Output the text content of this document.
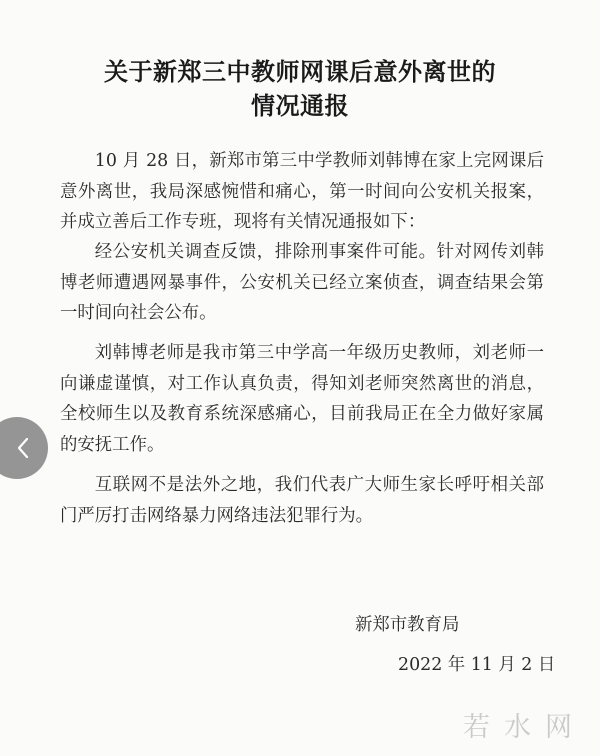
关于新郑三中教师网课后意外离世的
情况通报

10 月 28 日，新郑市第三中学教师刘韩博在家上完网课后意外离世，我局深感惋惜和痛心，第一时间向公安机关报案，并成立善后工作专班，现将有关情况通报如下：

经公安机关调查反馈，排除刑事案件可能。针对网传刘韩博老师遭遇网暴事件，公安机关已经立案侦查，调查结果会第一时间向社会公布。

刘韩博老师是我市第三中学高一年级历史教师，刘老师一向谦虚谨慎，对工作认真负责，得知刘老师突然离世的消息，全校师生以及教育系统深感痛心，目前我局正在全力做好家属的安抚工作。

互联网不是法外之地，我们代表广大师生家长呼吁相关部门严厉打击网络暴力网络违法犯罪行为。

新郑市教育局

2022 年 11 月 2 日

若水网
